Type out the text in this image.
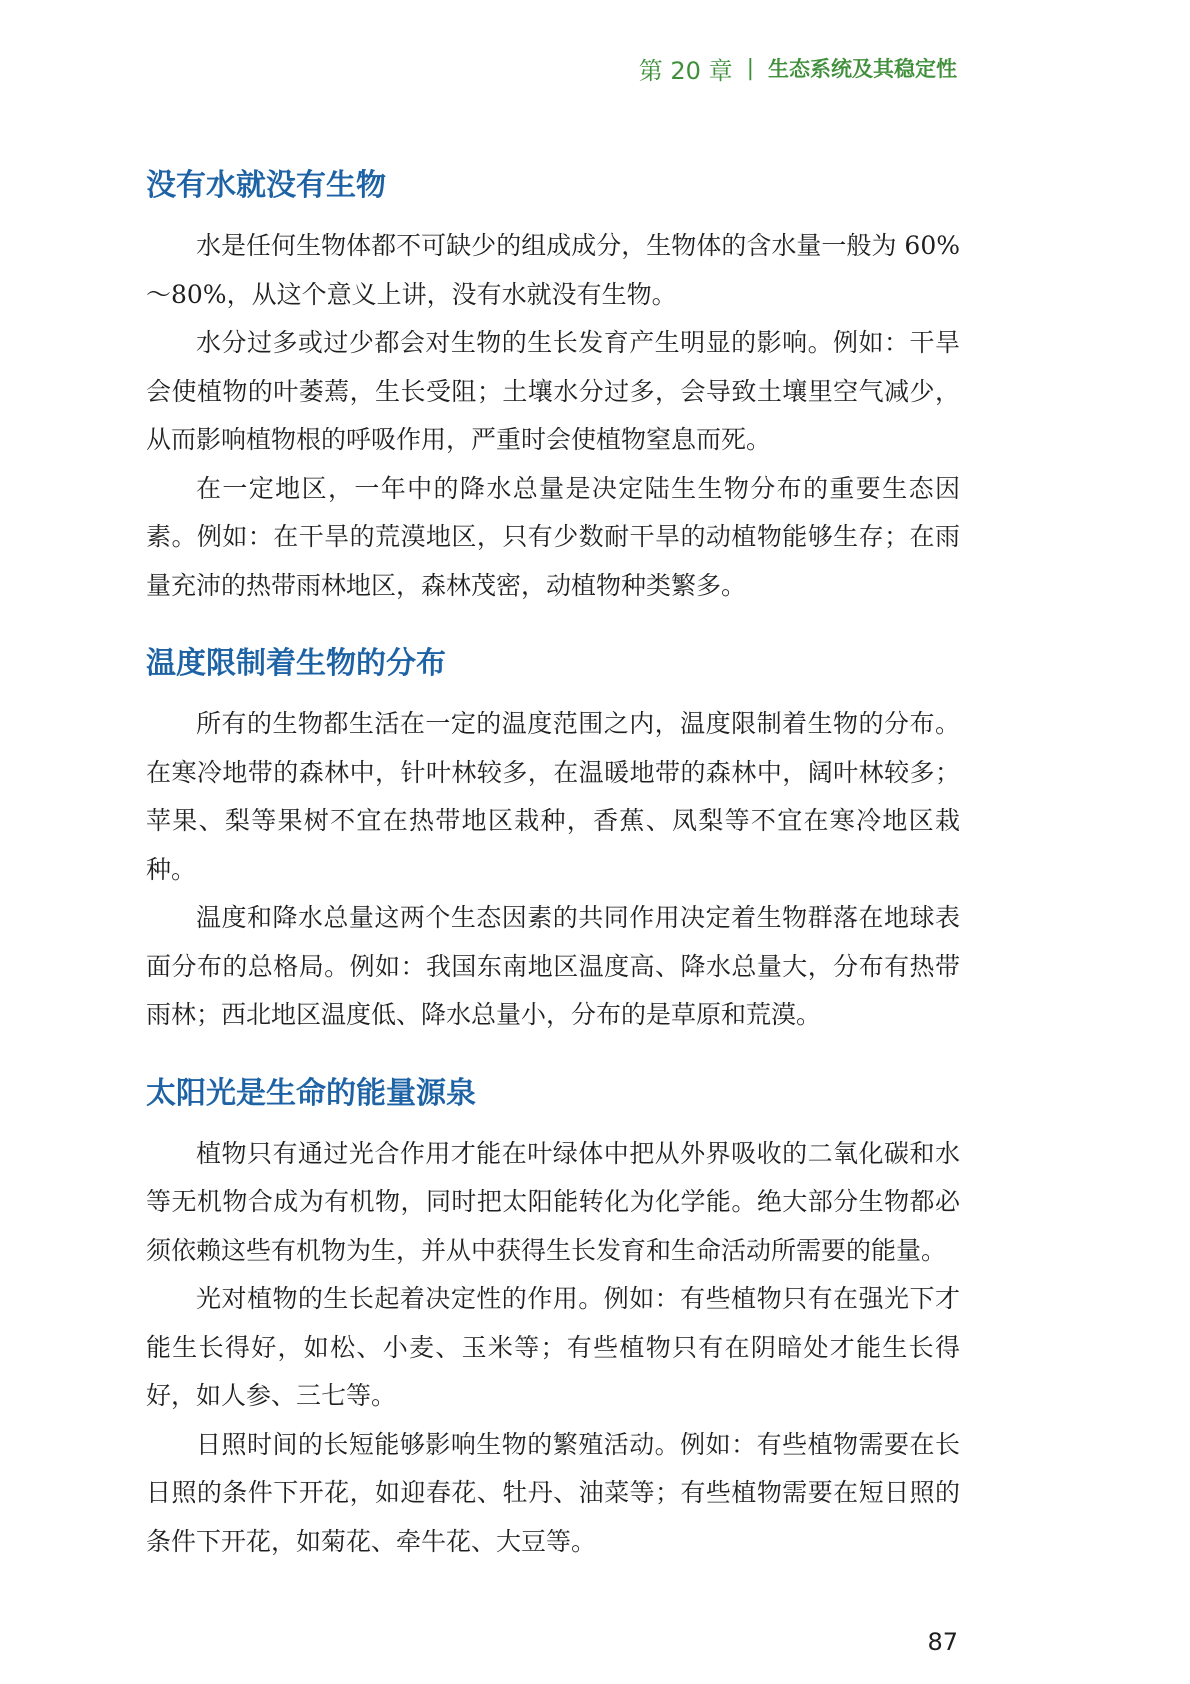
第 20 章 | 生态系统及其稳定性
没有水就没有生物

水是任何生物体都不可缺少的组成成分，生物体的含水量一般为 60%～80%，从这个意义上讲，没有水就没有生物。

水分过多或过少都会对生物的生长发育产生明显的影响。例如：干旱会使植物的叶萎蔫，生长受阻；土壤水分过多，会导致土壤里空气减少，从而影响植物根的呼吸作用，严重时会使植物窒息而死。

在一定地区，一年中的降水总量是决定陆生生物分布的重要生态因素。例如：在干旱的荒漠地区，只有少数耐干旱的动植物能够生存；在雨量充沛的热带雨林地区，森林茂密，动植物种类繁多。

温度限制着生物的分布

所有的生物都生活在一定的温度范围之内，温度限制着生物的分布。在寒冷地带的森林中，针叶林较多，在温暖地带的森林中，阔叶林较多；苹果、梨等果树不宜在热带地区栽种，香蕉、凤梨等不宜在寒冷地区栽种。

温度和降水总量这两个生态因素的共同作用决定着生物群落在地球表面分布的总格局。例如：我国东南地区温度高、降水总量大，分布有热带雨林；西北地区温度低、降水总量小，分布的是草原和荒漠。

太阳光是生命的能量源泉

植物只有通过光合作用才能在叶绿体中把从外界吸收的二氧化碳和水等无机物合成为有机物，同时把太阳能转化为化学能。绝大部分生物都必须依赖这些有机物为生，并从中获得生长发育和生命活动所需要的能量。

光对植物的生长起着决定性的作用。例如：有些植物只有在强光下才能生长得好，如松、小麦、玉米等；有些植物只有在阴暗处才能生长得好，如人参、三七等。

日照时间的长短能够影响生物的繁殖活动。例如：有些植物需要在长日照的条件下开花，如迎春花、牡丹、油菜等；有些植物需要在短日照的条件下开花，如菊花、牵牛花、大豆等。

87
